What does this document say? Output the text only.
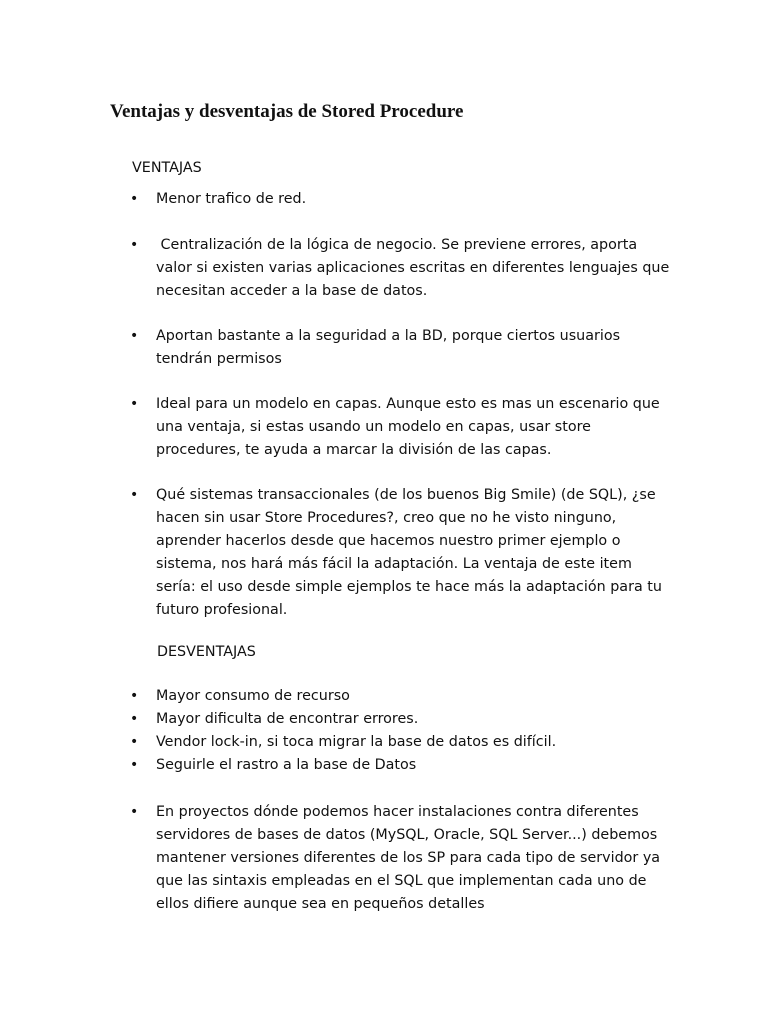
Ventajas y desventajas de Stored Procedure

VENTAJAS

• Menor trafico de red.
• Centralización de la lógica de negocio. Se previene errores, aporta valor si existen varias aplicaciones escritas en diferentes lenguajes que necesitan acceder a la base de datos.
• Aportan bastante a la seguridad a la BD, porque ciertos usuarios tendrán permisos
• Ideal para un modelo en capas. Aunque esto es mas un escenario que una ventaja, si estas usando un modelo en capas, usar store procedures, te ayuda a marcar la división de las capas.
• Qué sistemas transaccionales (de los buenos Big Smile) (de SQL), ¿se hacen sin usar Store Procedures?, creo que no he visto ninguno, aprender hacerlos desde que hacemos nuestro primer ejemplo o sistema, nos hará más fácil la adaptación. La ventaja de este item sería: el uso desde simple ejemplos te hace más la adaptación para tu futuro profesional.

DESVENTAJAS

• Mayor consumo de recurso
• Mayor dificulta de encontrar errores.
• Vendor lock-in, si toca migrar la base de datos es difícil.
• Seguirle el rastro a la base de Datos
• En proyectos dónde podemos hacer instalaciones contra diferentes servidores de bases de datos (MySQL, Oracle, SQL Server...) debemos mantener versiones diferentes de los SP para cada tipo de servidor ya que las sintaxis empleadas en el SQL que implementan cada uno de ellos difiere aunque sea en pequeños detalles
